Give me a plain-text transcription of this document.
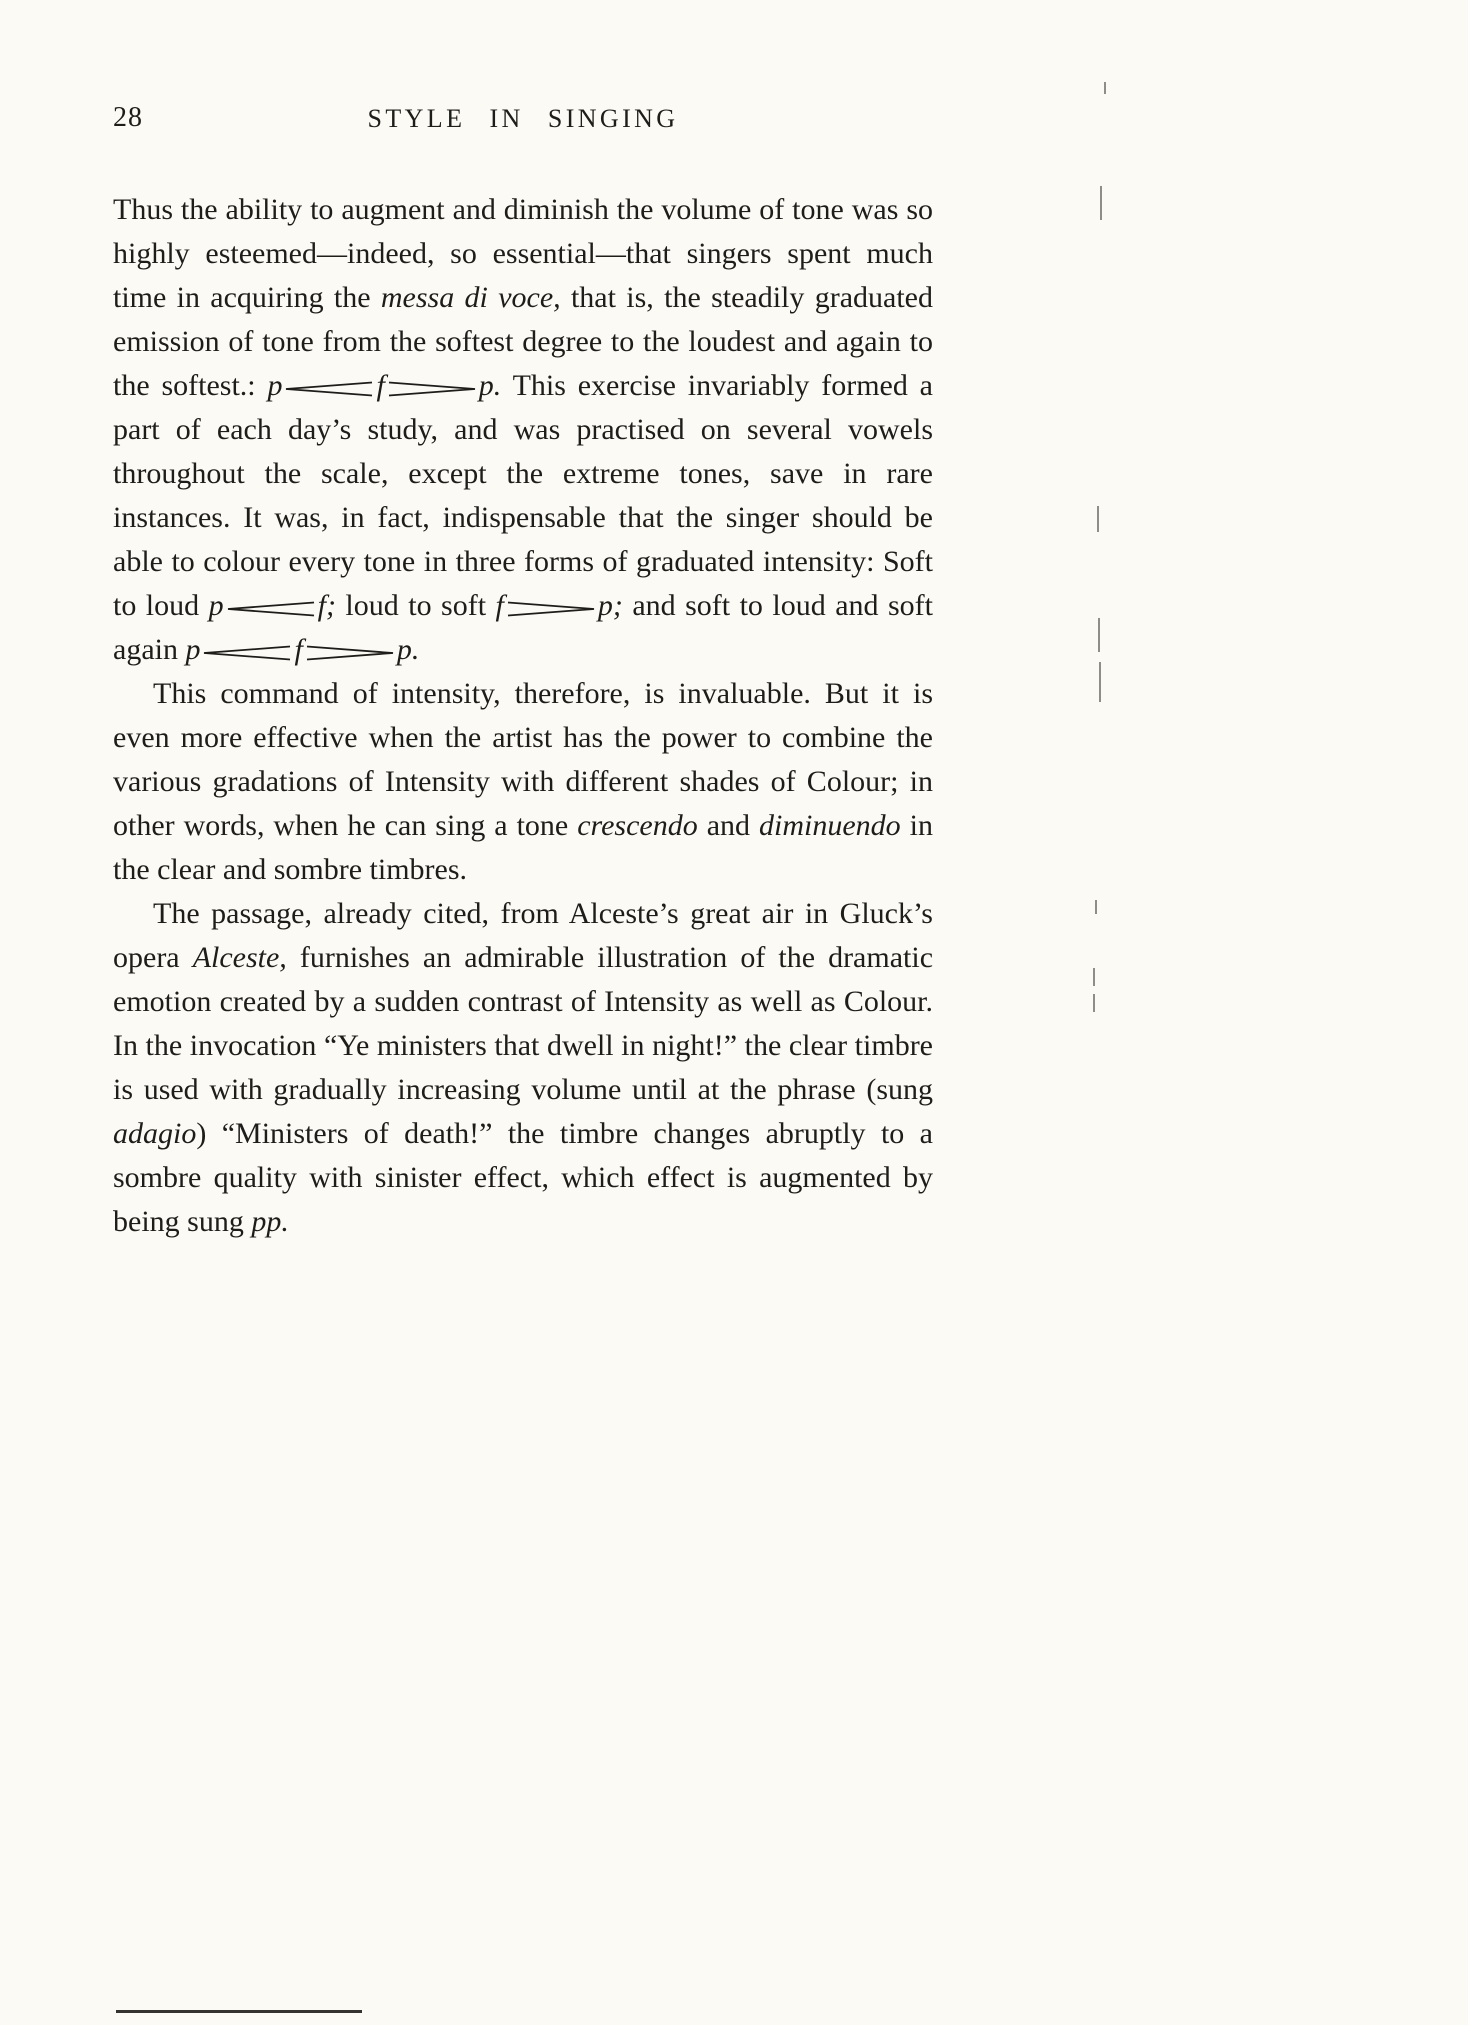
28	STYLE IN SINGING

Thus the ability to augment and diminish the volume of tone was so highly esteemed—indeed, so essential—that singers spent much time in acquiring the messa di voce, that is, the steadily graduated emission of tone from the softest degree to the loudest and again to the softest.: p	f	p. This exercise invariably formed a part of each day’s study, and was practised on several vowels throughout the scale, except the extreme tones, save in rare instances. It was, in fact, indispensable that the singer should be able to colour every tone in three forms of graduated intensity: Soft to loud p	f; loud to soft f	p; and soft to loud and soft again p	f	p.

This command of intensity, therefore, is invaluable. But it is even more effective when the artist has the power to combine the various gradations of Intensity with different shades of Colour; in other words, when he can sing a tone crescendo and diminuendo in the clear and sombre timbres.

The passage, already cited, from Alceste’s great air in Gluck’s opera Alceste, furnishes an admirable illustration of the dramatic emotion created by a sudden contrast of Intensity as well as Colour. In the invocation “Ye ministers that dwell in night!” the clear timbre is used with gradually increasing volume until at the phrase (sung adagio) “Ministers of death!” the timbre changes abruptly to a sombre quality with sinister effect, which effect is augmented by being sung pp.
